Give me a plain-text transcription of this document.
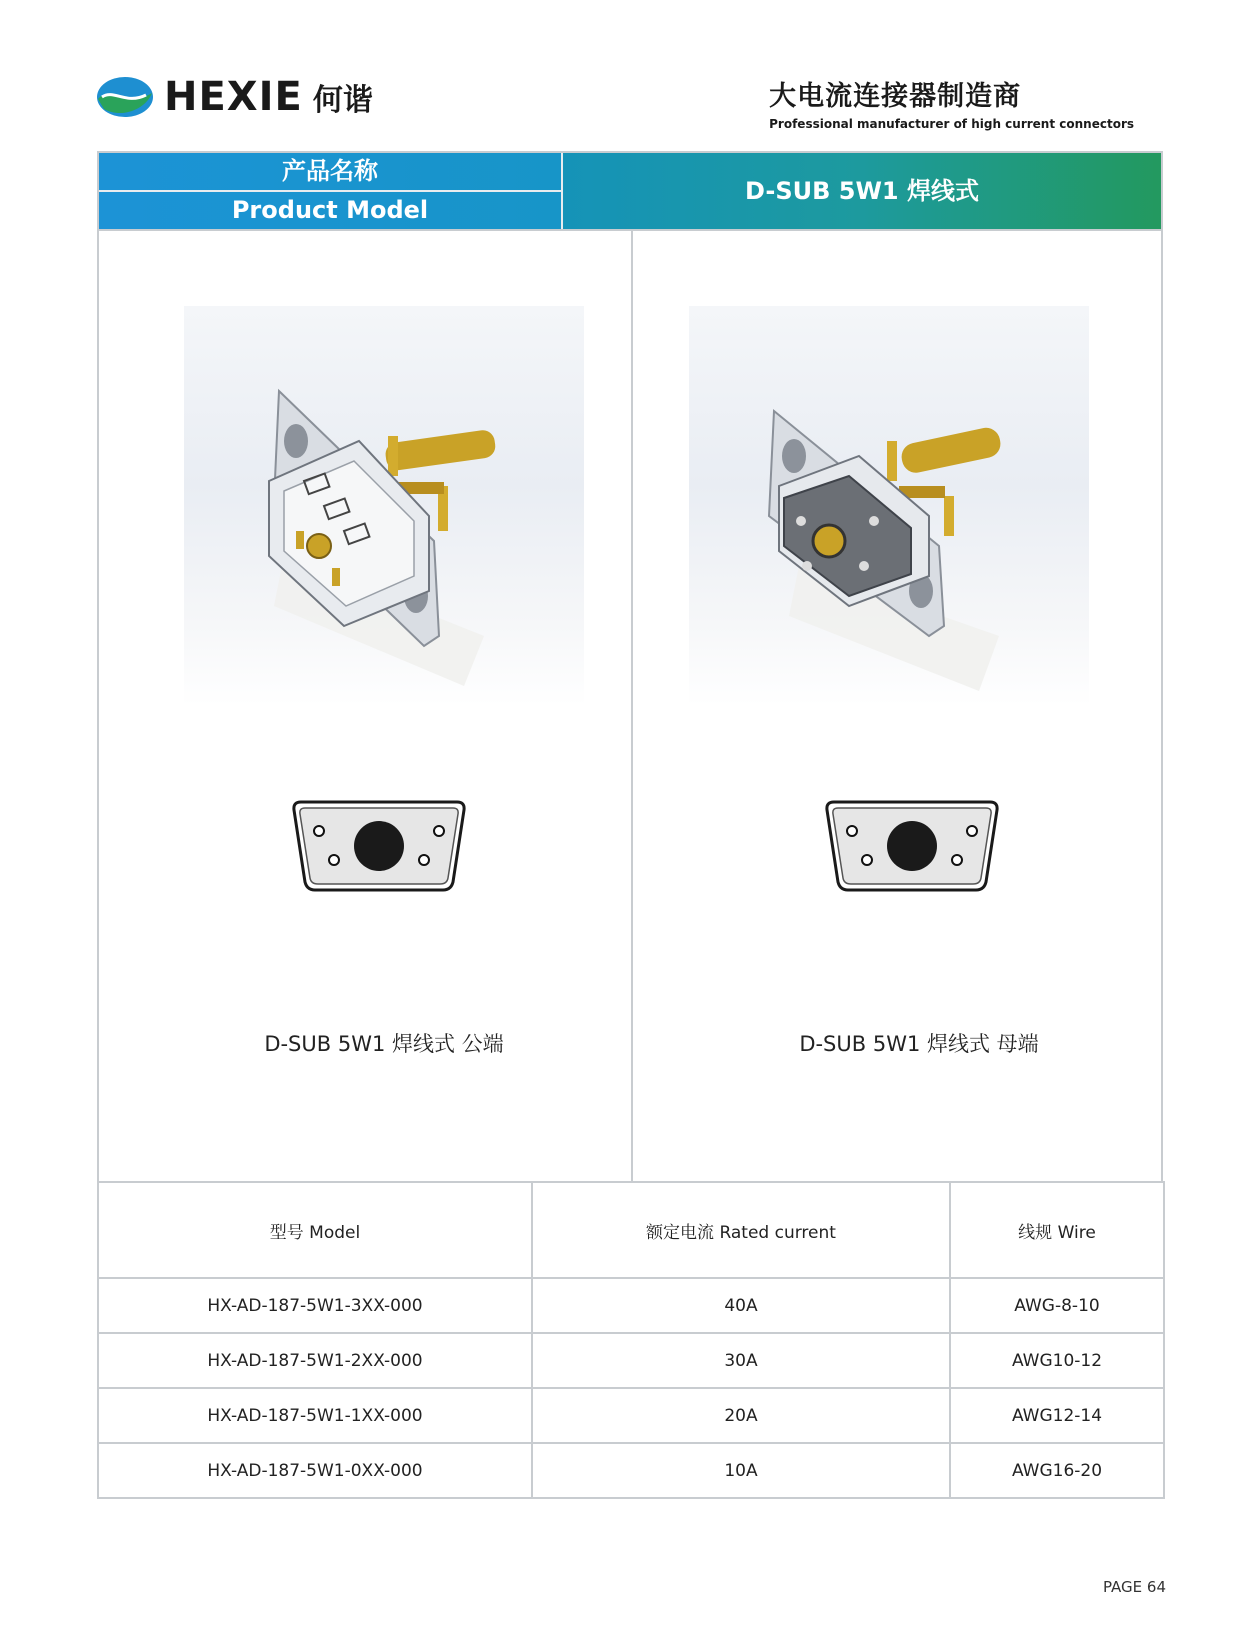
HEXIE 何谐	大电流连接器制造商
Professional manufacturer of high current connectors
产品名称
Product Model
D-SUB 5W1 焊线式
D-SUB 5W1 焊线式 公端	D-SUB 5W1 焊线式 母端
型号 Model	额定电流 Rated current	线规 Wire
HX-AD-187-5W1-3XX-000	40A	AWG-8-10
HX-AD-187-5W1-2XX-000	30A	AWG10-12
HX-AD-187-5W1-1XX-000	20A	AWG12-14
HX-AD-187-5W1-0XX-000	10A	AWG16-20
PAGE 64
